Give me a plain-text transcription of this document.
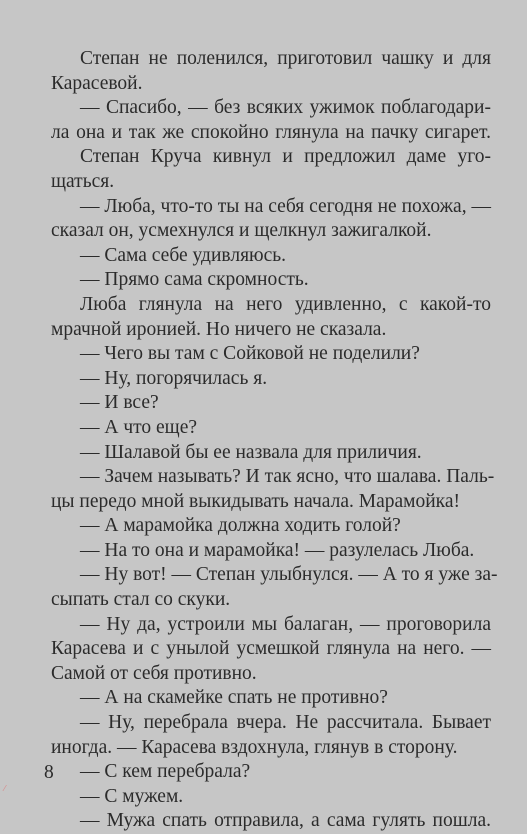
Степан не поленился, приготовил чашку и для
Карасевой.
— Спасибо, — без всяких ужимок поблагодари-
ла она и так же спокойно глянула на пачку сигарет.
Степан Круча кивнул и предложил даме уго-
щаться.
— Люба, что-то ты на себя сегодня не похожа, —
сказал он, усмехнулся и щелкнул зажигалкой.
— Сама себе удивляюсь.
— Прямо сама скромность.
Люба глянула на него удивленно, с какой-то
мрачной иронией. Но ничего не сказала.
— Чего вы там с Сойковой не поделили?
— Ну, погорячилась я.
— И все?
— А что еще?
— Шалавой бы ее назвала для приличия.
— Зачем называть? И так ясно, что шалава. Паль-
цы передо мной выкидывать начала. Марамойка!
— А марамойка должна ходить голой?
— На то она и марамойка! — разулелась Люба.
— Ну вот! — Степан улыбнулся. — А то я уже за-
сыпать стал со скуки.
— Ну да, устроили мы балаган, — проговорила
Карасева и с унылой усмешкой глянула на него. —
Самой от себя противно.
— А на скамейке спать не противно?
— Ну, перебрала вчера. Не рассчитала. Бывает
иногда. — Карасева вздохнула, глянув в сторону.
— С кем перебрала?
— С мужем.
— Мужа спать отправила, а сама гулять пошла.
8
⁄
